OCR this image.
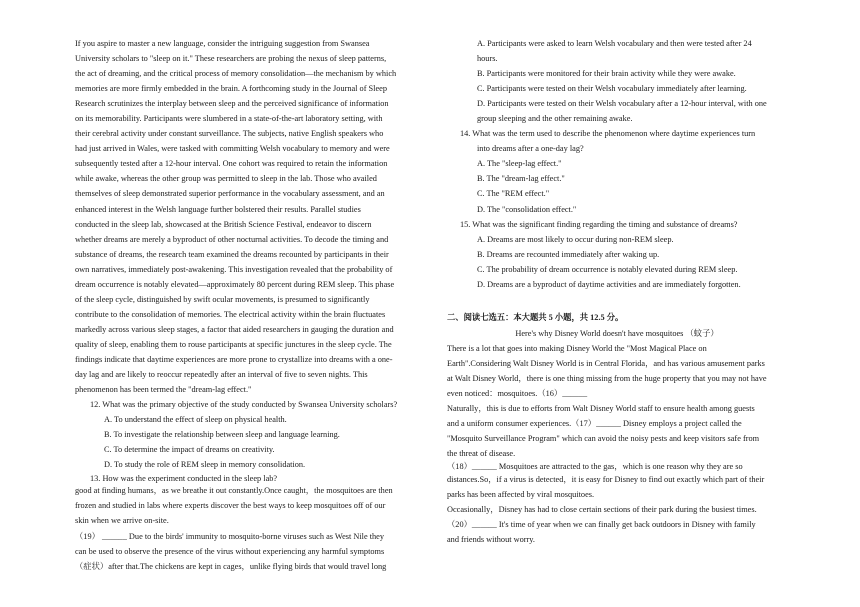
If you aspire to master a new language, consider the intriguing suggestion from Swansea
University scholars to "sleep on it." These researchers are probing the nexus of sleep patterns,
the act of dreaming, and the critical process of memory consolidation—the mechanism by which
memories are more firmly embedded in the brain. A forthcoming study in the Journal of Sleep
Research scrutinizes the interplay between sleep and the perceived significance of information
on its memorability. Participants were slumbered in a state-of-the-art laboratory setting, with
their cerebral activity under constant surveillance. The subjects, native English speakers who
had just arrived in Wales, were tasked with committing Welsh vocabulary to memory and were
subsequently tested after a 12-hour interval. One cohort was required to retain the information
while awake, whereas the other group was permitted to sleep in the lab. Those who availed
themselves of sleep demonstrated superior performance in the vocabulary assessment, and an
enhanced interest in the Welsh language further bolstered their results. Parallel studies
conducted in the sleep lab, showcased at the British Science Festival, endeavor to discern
whether dreams are merely a byproduct of other nocturnal activities. To decode the timing and
substance of dreams, the research team examined the dreams recounted by participants in their
own narratives, immediately post-awakening. This investigation revealed that the probability of
dream occurrence is notably elevated—approximately 80 percent during REM sleep. This phase
of the sleep cycle, distinguished by swift ocular movements, is presumed to significantly
contribute to the consolidation of memories. The electrical activity within the brain fluctuates
markedly across various sleep stages, a factor that aided researchers in gauging the duration and
quality of sleep, enabling them to rouse participants at specific junctures in the sleep cycle. The
findings indicate that daytime experiences are more prone to crystallize into dreams with a one-
day lag and are likely to reoccur repeatedly after an interval of five to seven nights. This
phenomenon has been termed the "dream-lag effect."
12. What was the primary objective of the study conducted by Swansea University scholars?
A. To understand the effect of sleep on physical health.
B. To investigate the relationship between sleep and language learning.
C. To determine the impact of dreams on creativity.
D. To study the role of REM sleep in memory consolidation.
13. How was the experiment conducted in the sleep lab?
good at finding humans，as we breathe it out constantly.Once caught，the mosquitoes are then
frozen and studied in labs where experts discover the best ways to keep mosquitoes off of our
skin when we arrive on-site.
（19） ______ Due to the birds' immunity to mosquito-borne viruses such as West Nile they
can be used to observe the presence of the virus without experiencing any harmful symptoms
（症状）after that.The chickens are kept in cages，unlike flying birds that would travel long
A. Participants were asked to learn Welsh vocabulary and then were tested after 24
hours.
B. Participants were monitored for their brain activity while they were awake.
C. Participants were tested on their Welsh vocabulary immediately after learning.
D. Participants were tested on their Welsh vocabulary after a 12-hour interval, with one
group sleeping and the other remaining awake.
14. What was the term used to describe the phenomenon where daytime experiences turn
into dreams after a one-day lag?
A. The "sleep-lag effect."
B. The "dream-lag effect."
C. The "REM effect."
D. The "consolidation effect."
15. What was the significant finding regarding the timing and substance of dreams?
A. Dreams are most likely to occur during non-REM sleep.
B. Dreams are recounted immediately after waking up.
C. The probability of dream occurrence is notably elevated during REM sleep.
D. Dreams are a byproduct of daytime activities and are immediately forgotten.
二、阅读七选五：本大题共 5 小题，共 12.5 分。
Here's why Disney World doesn't have mosquitoes （蚊子）
There is a lot that goes into making Disney World the "Most Magical Place on
Earth".Considering Walt Disney World is in Central Florida，and has various amusement parks
at Walt Disney World，there is one thing missing from the huge property that you may not have
even noticed：mosquitoes.（16）______
Naturally，this is due to efforts from Walt Disney World staff to ensure health among guests
and a uniform consumer experiences.（17）______ Disney employs a project called the
"Mosquito Surveillance Program" which can avoid the noisy pests and keep visitors safe from
the threat of disease.
（18）______ Mosquitoes are attracted to the gas，which is one reason why they are so
distances.So，if a virus is detected，it is easy for Disney to find out exactly which part of their
parks has been affected by viral mosquitoes.
Occasionally，Disney has had to close certain sections of their park during the busiest times.
（20）______ It's time of year when we can finally get back outdoors in Disney with family
and friends without worry.
